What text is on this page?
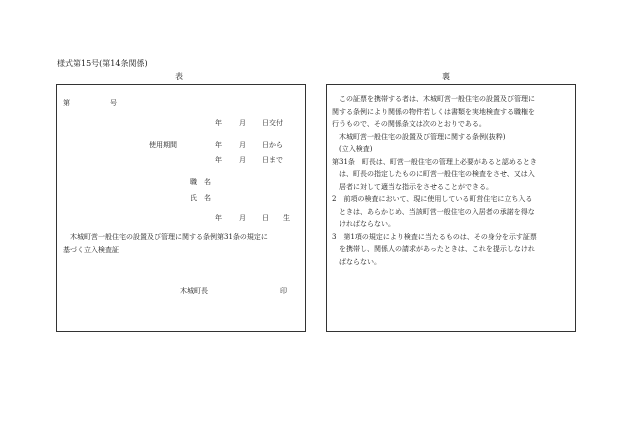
様式第15号(第14条関係)
表	裏
第	号
年 月 日交付
使用期間	年 月 日から
年 月 日まで
職　名
氏　名
年 月 日 生

木城町営一般住宅の設置及び管理に関する条例第31条の規定に

基づく立入検査証

木城町長	印

この証票を携帯する者は、木城町営一般住宅の設置及び管理に

関する条例により関係の物件若しくは書類を実地検査する職権を

行うもので、その関係条文は次のとおりである。

木城町営一般住宅の設置及び管理に関する条例(抜粋)

(立入検査)

第31条　町長は、町営一般住宅の管理上必要があると認めるとき

は、町長の指定したものに町営一般住宅の検査をさせ、又は入

居者に対して適当な指示をさせることができる。

2　前項の検査において、現に使用している町営住宅に立ち入る

ときは、あらかじめ、当該町営一般住宅の入居者の承諾を得な

ければならない。

3　第1項の規定により検査に当たるものは、その身分を示す証票

を携帯し、関係人の請求があったときは、これを提示しなけれ

ばならない。
